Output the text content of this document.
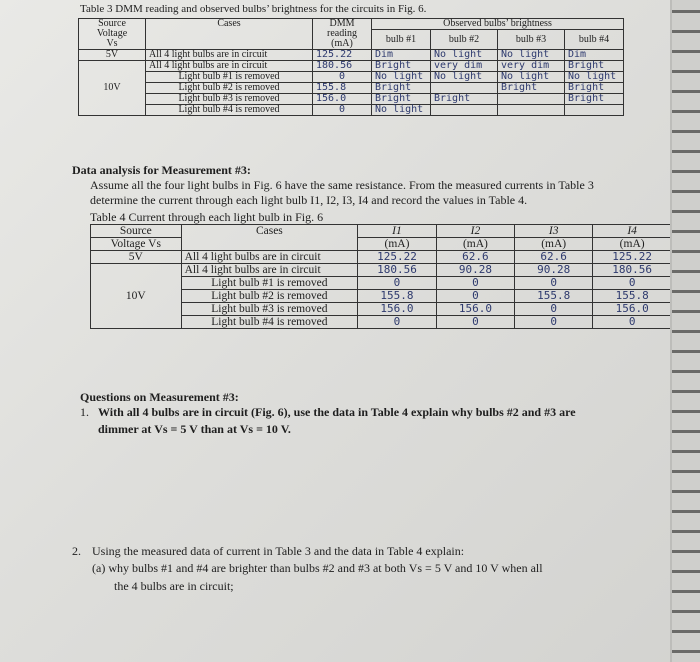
Table 3 DMM reading and observed bulbs’ brightness for the circuits in Fig. 6.
Source Voltage
Vs	Cases	DMM reading (mA)	Observed bulbs’ brightness			
			bulb #1	bulb #2	bulb #3	bulb #4

5V	All 4 light bulbs are in circuit	125.22	Dim	No light	No light	Dim
10V	All 4 light bulbs are in circuit	180.56	Bright	very dim	very dim	Bright
	Light bulb #1 is removed	0	No light	No light	No light	No light
	Light bulb #2 is removed	155.8	Bright		Bright	Bright
	Light bulb #3 is removed	156.0	Bright	Bright		Bright
	Light bulb #4 is removed	0	No light			
Data analysis for Measurement #3:
Assume all the four light bulbs in Fig. 6 have the same resistance. From the measured currents in Table 3
determine the current through each light bulb I1, I2, I3, I4 and record the values in Table 4.
Table 4 Current through each light bulb in Fig. 6
Source	Cases	I1	I2	I3	I4
Voltage Vs		(mA)	(mA)	(mA)	(mA)
5V	All 4 light bulbs are in circuit	125.22	62.6	62.6	125.22
10V	All 4 light bulbs are in circuit	180.56	90.28	90.28	180.56
	Light bulb #1 is removed	0	0	0	0
	Light bulb #2 is removed	155.8	0	155.8	155.8
	Light bulb #3 is removed	156.0	156.0	0	156.0
	Light bulb #4 is removed	0	0	0	0
Questions on Measurement #3:
1. With all 4 bulbs are in circuit (Fig. 6), use the data in Table 4 explain why bulbs #2 and #3 are
dimmer at Vs = 5 V than at Vs = 10 V.
2. Using the measured data of current in Table 3 and the data in Table 4 explain:
(a) why bulbs #1 and #4 are brighter than bulbs #2 and #3 at both Vs = 5 V and 10 V when all
the 4 bulbs are in circuit;
